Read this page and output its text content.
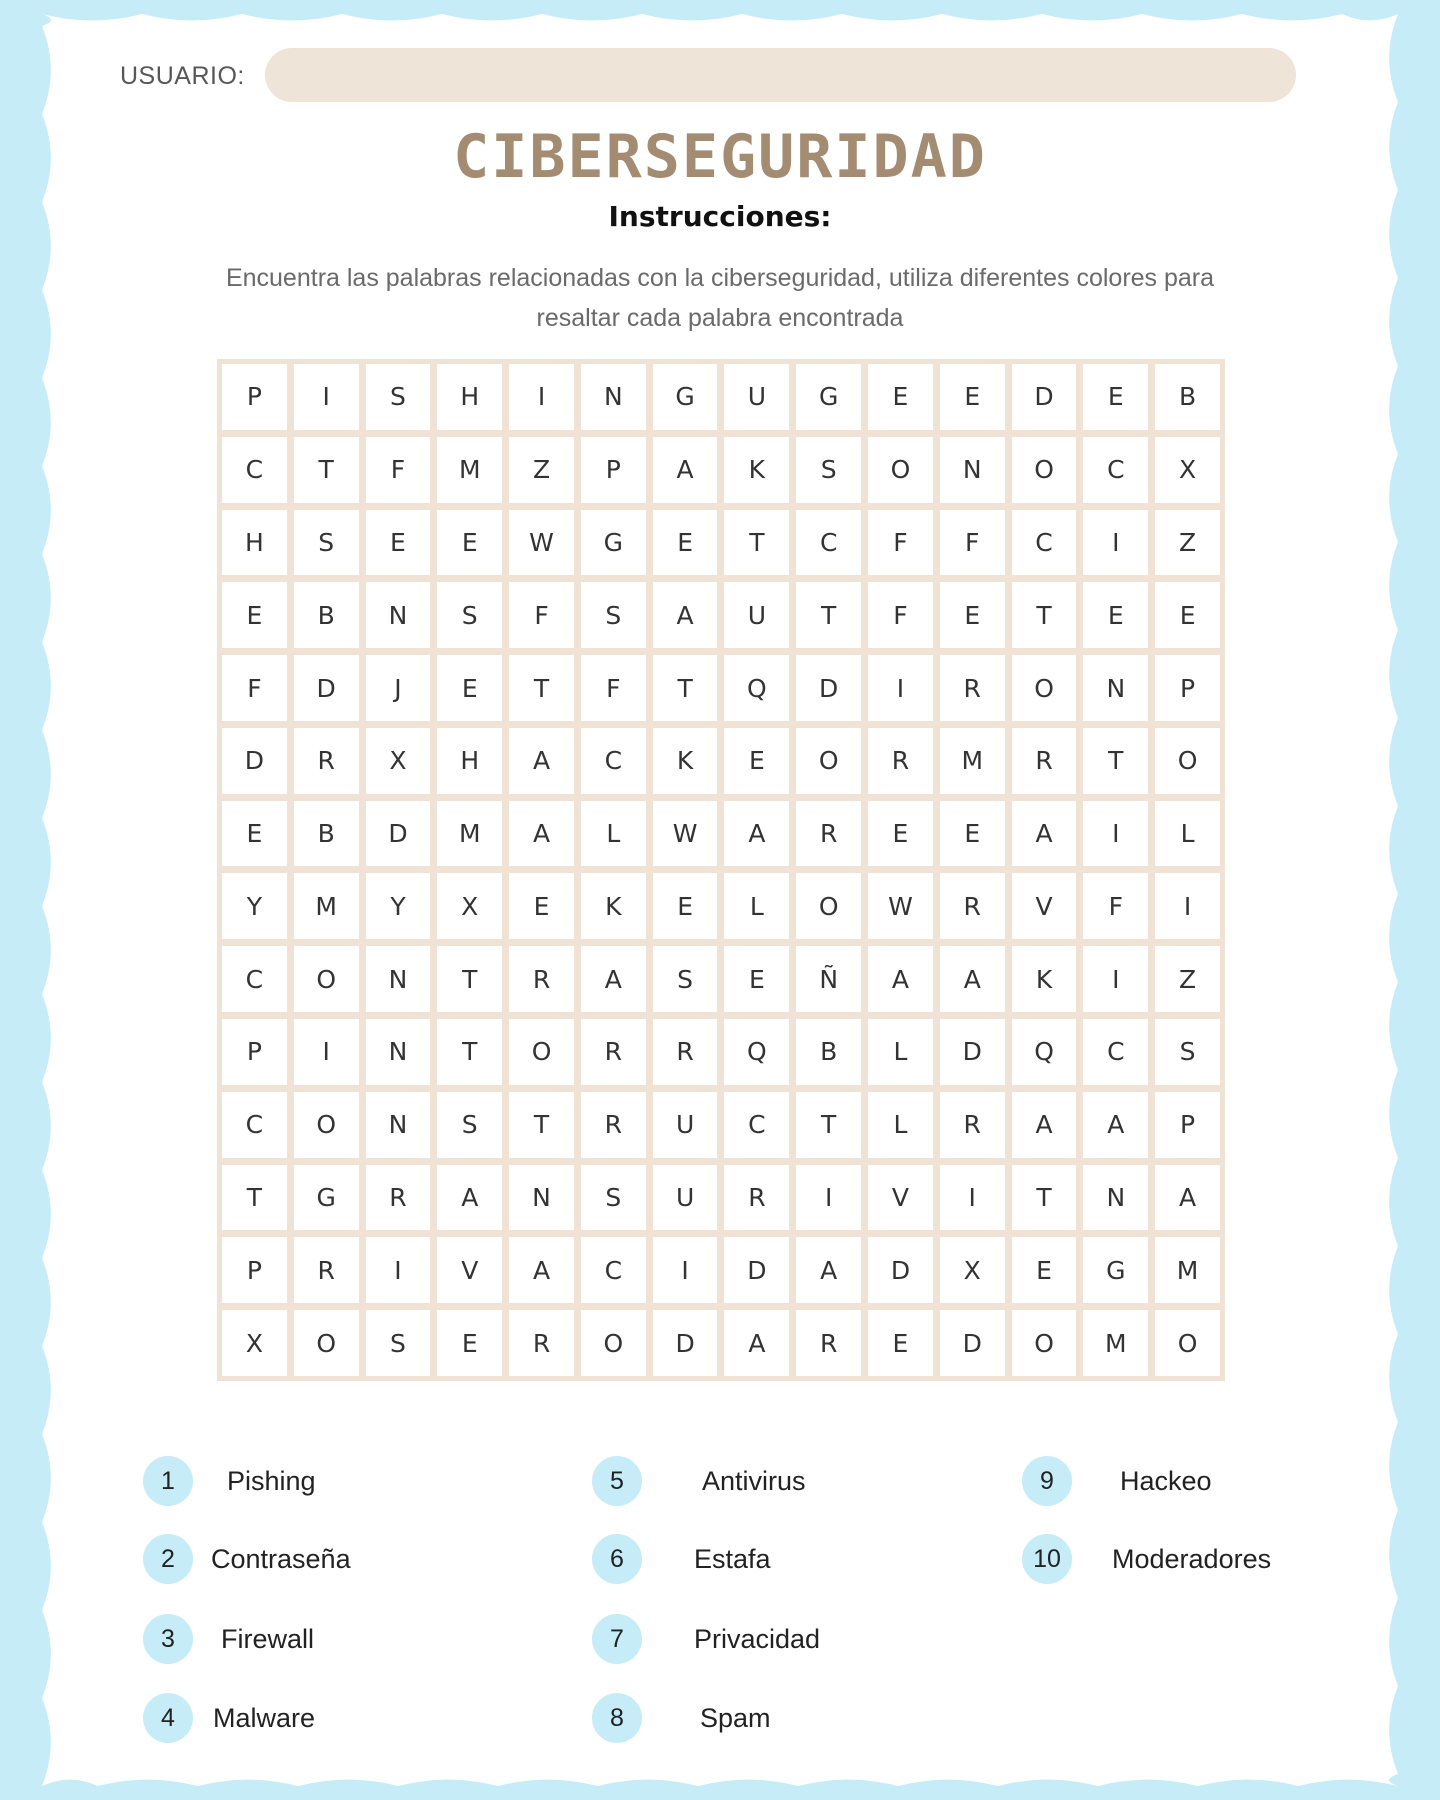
USUARIO:
CIBERSEGURIDAD
Instrucciones:

Encuentra las palabras relacionadas con la ciberseguridad, utiliza diferentes colores para
resaltar cada palabra encontrada

P	I	S	H	I	N	G	U	G	E	E	D	E	B
C	T	F	M	Z	P	A	K	S	O	N	O	C	X
H	S	E	E	W	G	E	T	C	F	F	C	I	Z
E	B	N	S	F	S	A	U	T	F	E	T	E	E
F	D	J	E	T	F	T	Q	D	I	R	O	N	P
D	R	X	H	A	C	K	E	O	R	M	R	T	O
E	B	D	M	A	L	W	A	R	E	E	A	I	L
Y	M	Y	X	E	K	E	L	O	W	R	V	F	I
C	O	N	T	R	A	S	E	Ñ	A	A	K	I	Z
P	I	N	T	O	R	R	Q	B	L	D	Q	C	S
C	O	N	S	T	R	U	C	T	L	R	A	A	P
T	G	R	A	N	S	U	R	I	V	I	T	N	A
P	R	I	V	A	C	I	D	A	D	X	E	G	M
X	O	S	E	R	O	D	A	R	E	D	O	M	O
1	Pishing
2	Contraseña
3	Firewall
4	Malware
5	Antivirus
6	Estafa
7	Privacidad
8	Spam
9	Hackeo
10	Moderadores
